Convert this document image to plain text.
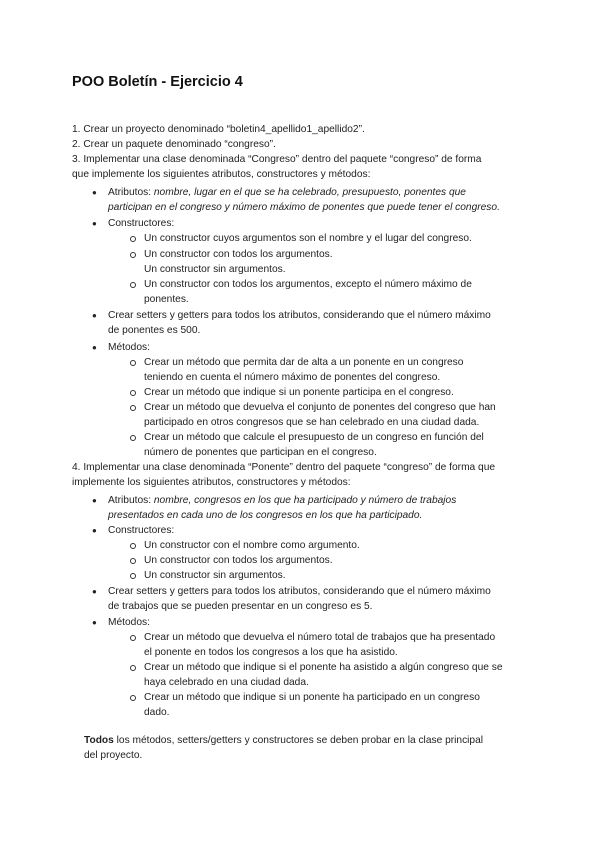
POO Boletín - Ejercicio 4
1. Crear un proyecto denominado “boletin4_apellido1_apellido2”.
2. Crear un paquete denominado “congreso”.
3. Implementar una clase denominada “Congreso” dentro del paquete “congreso” de forma
que implemente los siguientes atributos, constructores y métodos:
● Atributos: nombre, lugar en el que se ha celebrado, presupuesto, ponentes que
participan en el congreso y número máximo de ponentes que puede tener el congreso.
● Constructores:
Un constructor cuyos argumentos son el nombre y el lugar del congreso.
Un constructor con todos los argumentos.
Un constructor sin argumentos.
Un constructor con todos los argumentos, excepto el número máximo de
ponentes.
● Crear setters y getters para todos los atributos, considerando que el número máximo
de ponentes es 500.
● Métodos:
Crear un método que permita dar de alta a un ponente en un congreso
teniendo en cuenta el número máximo de ponentes del congreso.
Crear un método que indique si un ponente participa en el congreso.
Crear un método que devuelva el conjunto de ponentes del congreso que han
participado en otros congresos que se han celebrado en una ciudad dada.
Crear un método que calcule el presupuesto de un congreso en función del
número de ponentes que participan en el congreso.
4. Implementar una clase denominada “Ponente” dentro del paquete “congreso” de forma que
implemente los siguientes atributos, constructores y métodos:
● Atributos: nombre, congresos en los que ha participado y número de trabajos
presentados en cada uno de los congresos en los que ha participado.
● Constructores:
Un constructor con el nombre como argumento.
Un constructor con todos los argumentos.
Un constructor sin argumentos.
● Crear setters y getters para todos los atributos, considerando que el número máximo
de trabajos que se pueden presentar en un congreso es 5.
● Métodos:
Crear un método que devuelva el número total de trabajos que ha presentado
el ponente en todos los congresos a los que ha asistido.
Crear un método que indique si el ponente ha asistido a algún congreso que se
haya celebrado en una ciudad dada.
Crear un método que indique si un ponente ha participado en un congreso
dado.
Todos los métodos, setters/getters y constructores se deben probar en la clase principal
del proyecto.
